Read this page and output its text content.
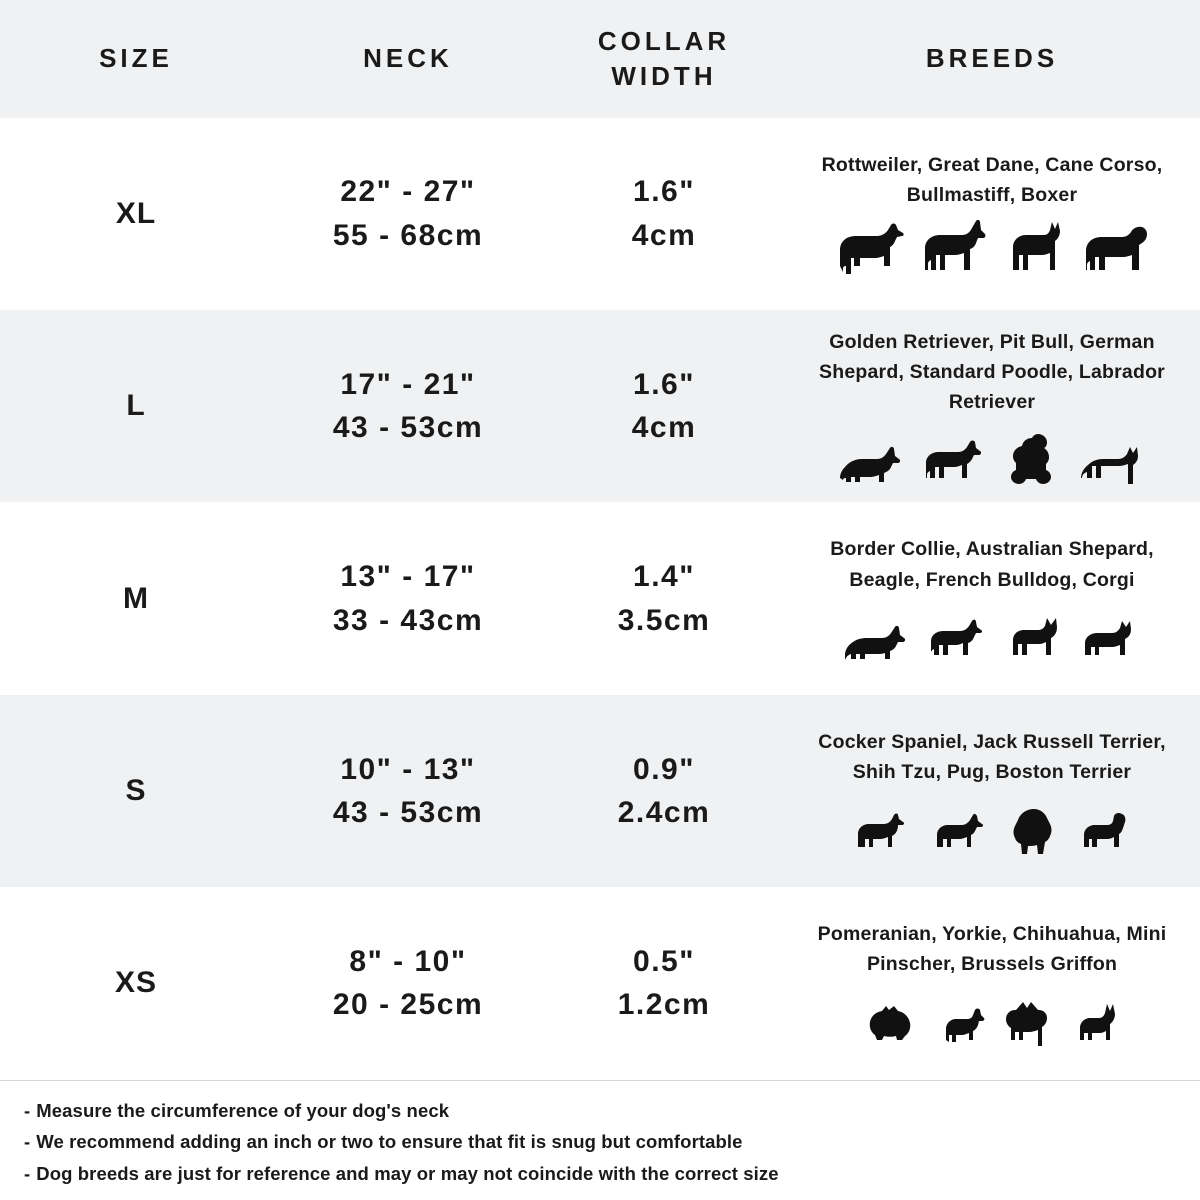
SIZE	NECK
COLLAR
WIDTH
BREEDS
XL
22" - 27"
55 - 68cm
1.6"
4cm
Rottweiler, Great Dane, Cane Corso, Bullmastiff, Boxer
L
17" - 21"
43 - 53cm
1.6"
4cm
Golden Retriever, Pit Bull, German Shepard, Standard Poodle, Labrador Retriever
M
13" - 17"
33 - 43cm
1.4"
3.5cm
Border Collie, Australian Shepard, Beagle, French Bulldog, Corgi
S
10" - 13"
43 - 53cm
0.9"
2.4cm
Cocker Spaniel, Jack Russell Terrier, Shih Tzu, Pug, Boston Terrier
XS
8" - 10"
20 - 25cm
0.5"
1.2cm
Pomeranian, Yorkie, Chihuahua, Mini Pinscher, Brussels Griffon
- Measure the circumference of your dog's neck
- We recommend adding an inch or two to ensure that fit is snug but comfortable
- Dog breeds are just for reference and may or may not coincide with the correct size
